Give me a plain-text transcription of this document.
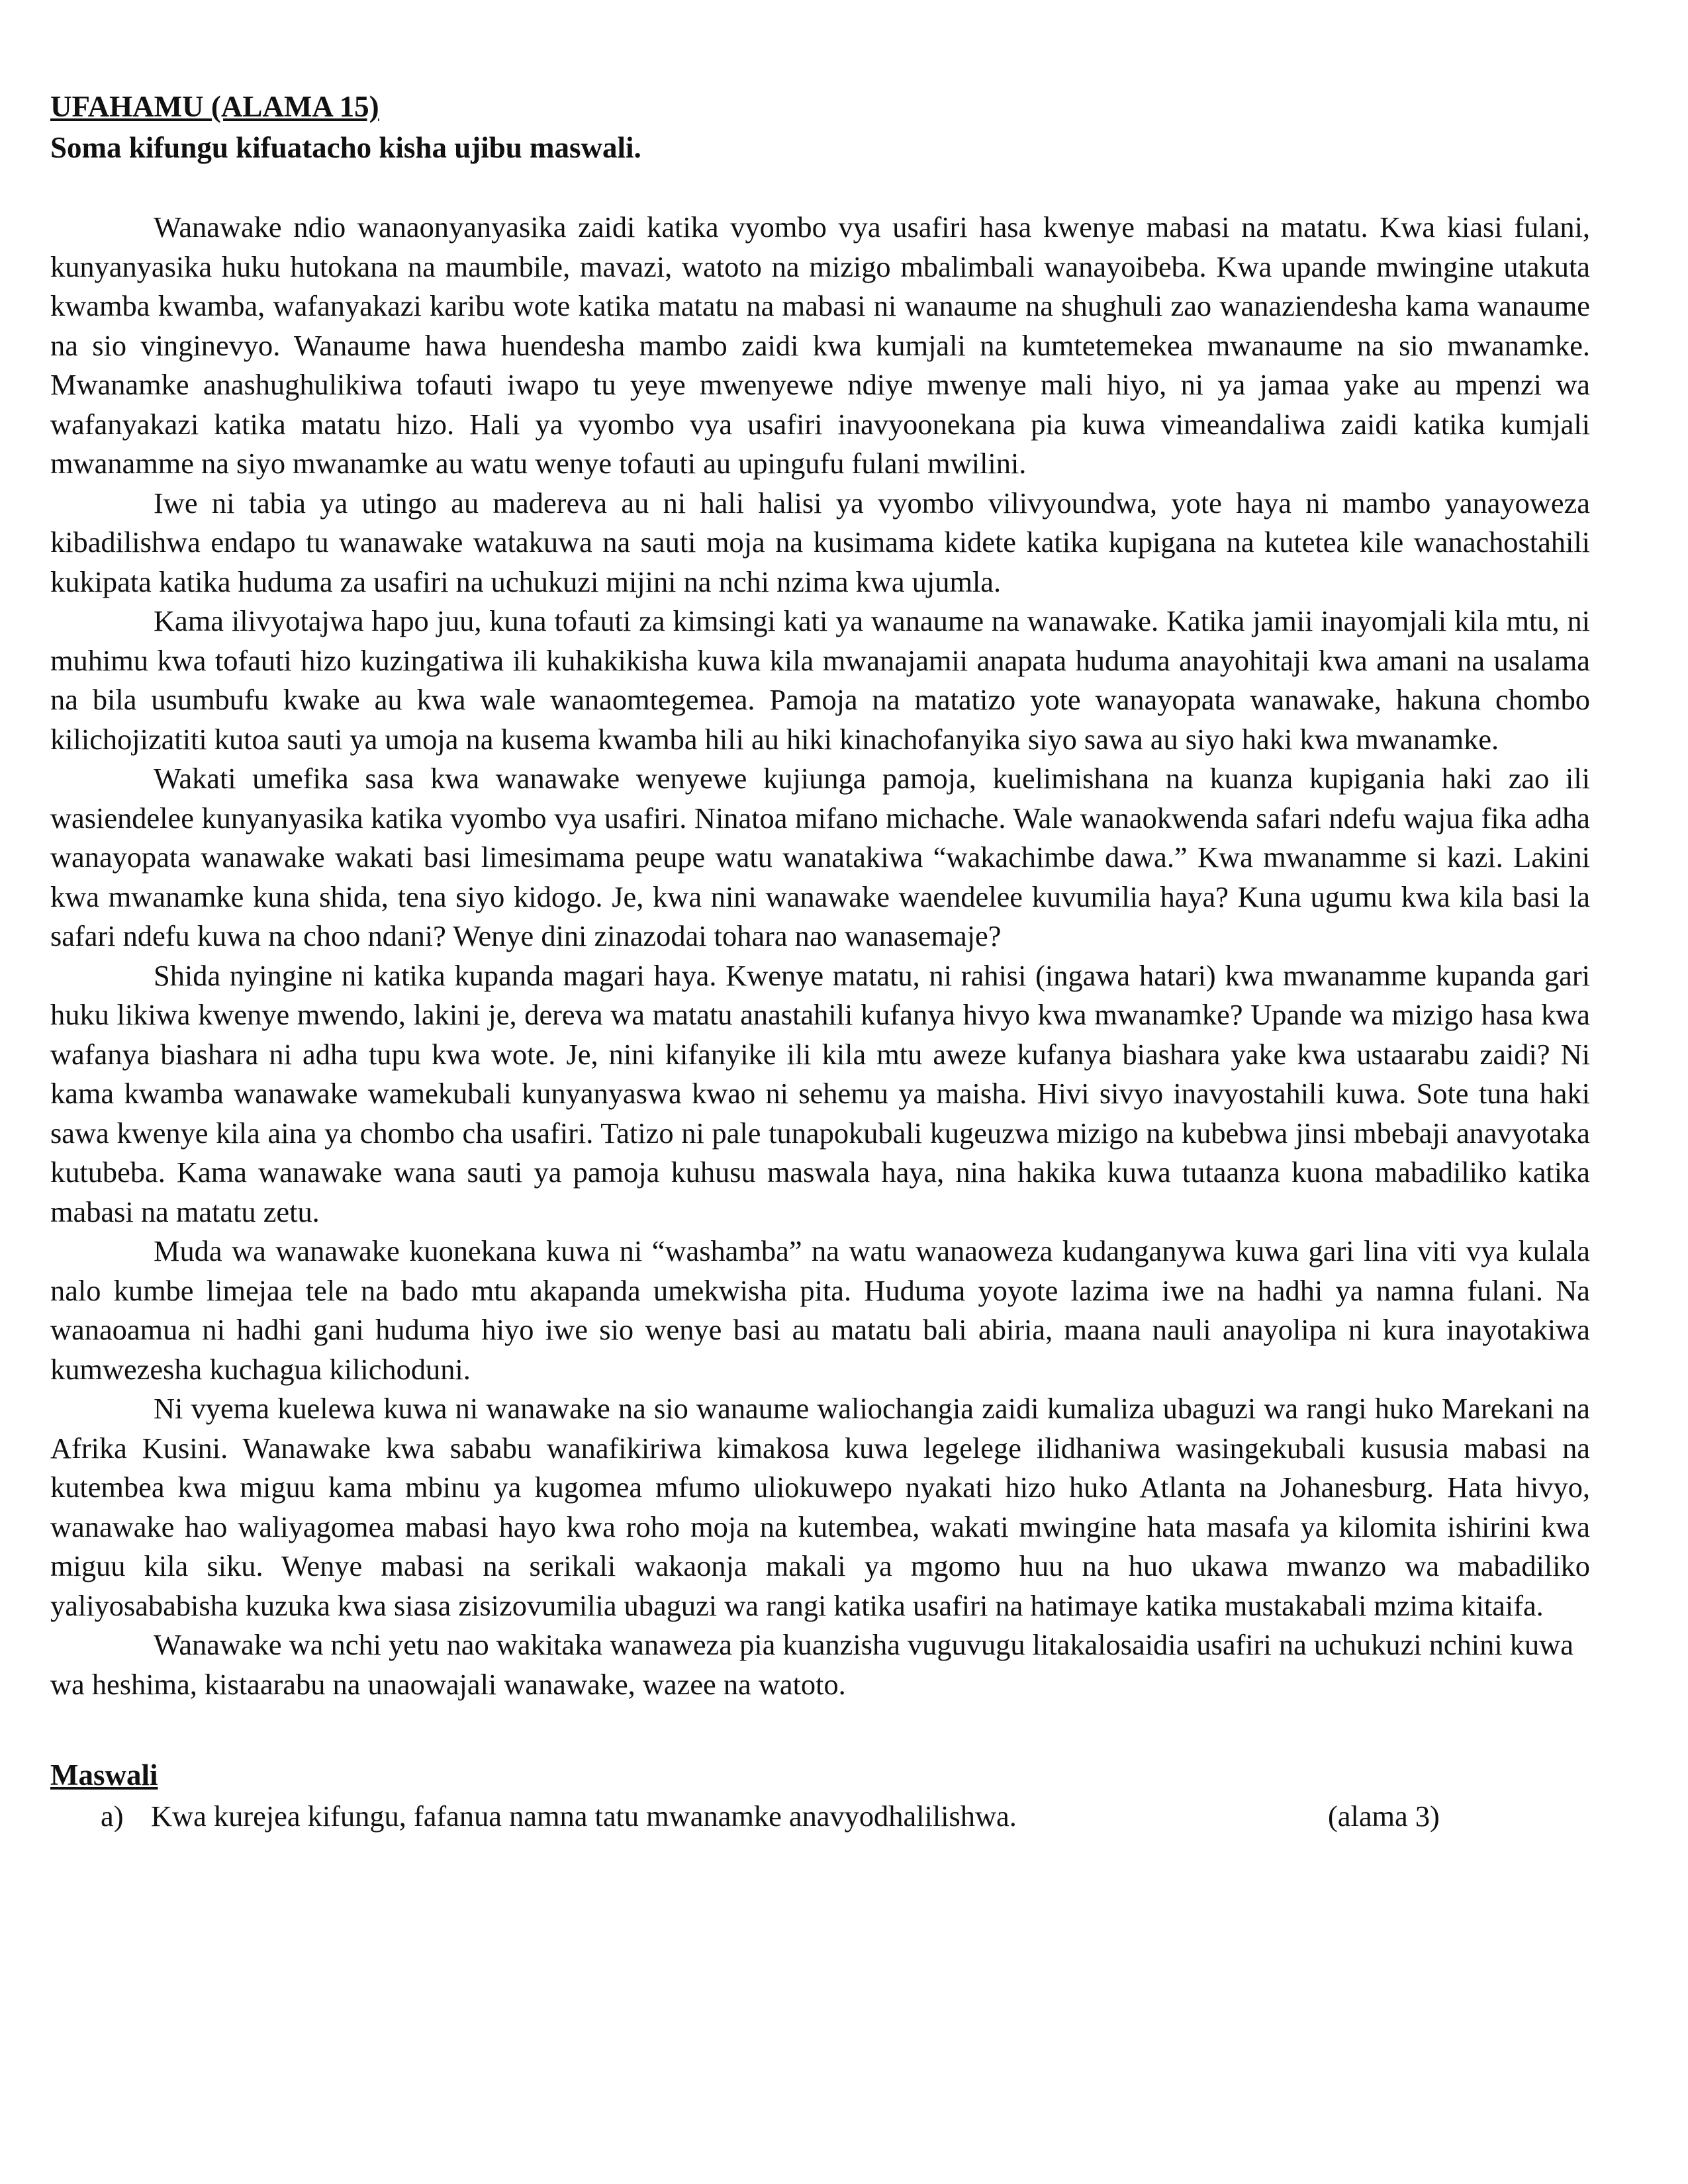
UFAHAMU (ALAMA 15)

Soma kifungu kifuatacho kisha ujibu maswali.

Wanawake ndio wanaonyanyasika zaidi katika vyombo vya usafiri hasa kwenye mabasi na matatu. Kwa kiasi fulani, kunyanyasika huku hutokana na maumbile, mavazi, watoto na mizigo mbalimbali wanayoibeba. Kwa upande mwingine utakuta kwamba kwamba, wafanyakazi karibu wote katika matatu na mabasi ni wanaume na shughuli zao wanaziendesha kama wanaume na sio vinginevyo. Wanaume hawa huendesha mambo zaidi kwa kumjali na kumtetemekea mwanaume na sio mwanamke. Mwanamke anashughulikiwa tofauti iwapo tu yeye mwenyewe ndiye mwenye mali hiyo, ni ya jamaa yake au mpenzi wa wafanyakazi katika matatu hizo. Hali ya vyombo vya usafiri inavyoonekana pia kuwa vimeandaliwa zaidi katika kumjali mwanamme na siyo mwanamke au watu wenye tofauti au upingufu fulani mwilini.

Iwe ni tabia ya utingo au madereva au ni hali halisi ya vyombo vilivyoundwa, yote haya ni mambo yanayoweza kibadilishwa endapo tu wanawake watakuwa na sauti moja na kusimama kidete katika kupigana na kutetea kile wanachostahili kukipata katika huduma za usafiri na uchukuzi mijini na nchi nzima kwa ujumla.

Kama ilivyotajwa hapo juu, kuna tofauti za kimsingi kati ya wanaume na wanawake. Katika jamii inayomjali kila mtu, ni muhimu kwa tofauti hizo kuzingatiwa ili kuhakikisha kuwa kila mwanajamii anapata huduma anayohitaji kwa amani na usalama na bila usumbufu kwake au kwa wale wanaomtegemea. Pamoja na matatizo yote wanayopata wanawake, hakuna chombo kilichojizatiti kutoa sauti ya umoja na kusema kwamba hili au hiki kinachofanyika siyo sawa au siyo haki kwa mwanamke.

Wakati umefika sasa kwa wanawake wenyewe kujiunga pamoja, kuelimishana na kuanza kupigania haki zao ili wasiendelee kunyanyasika katika vyombo vya usafiri. Ninatoa mifano michache. Wale wanaokwenda safari ndefu wajua fika adha wanayopata wanawake wakati basi limesimama peupe watu wanatakiwa “wakachimbe dawa.” Kwa mwanamme si kazi. Lakini kwa mwanamke kuna shida, tena siyo kidogo. Je, kwa nini wanawake waendelee kuvumilia haya? Kuna ugumu kwa kila basi la safari ndefu kuwa na choo ndani? Wenye dini zinazodai tohara nao wanasemaje?

Shida nyingine ni katika kupanda magari haya. Kwenye matatu, ni rahisi (ingawa hatari) kwa mwanamme kupanda gari huku likiwa kwenye mwendo, lakini je, dereva wa matatu anastahili kufanya hivyo kwa mwanamke? Upande wa mizigo hasa kwa wafanya biashara ni adha tupu kwa wote. Je, nini kifanyike ili kila mtu aweze kufanya biashara yake kwa ustaarabu zaidi? Ni kama kwamba wanawake wamekubali kunyanyaswa kwao ni sehemu ya maisha. Hivi sivyo inavyostahili kuwa. Sote tuna haki sawa kwenye kila aina ya chombo cha usafiri. Tatizo ni pale tunapokubali kugeuzwa mizigo na kubebwa jinsi mbebaji anavyotaka kutubeba. Kama wanawake wana sauti ya pamoja kuhusu maswala haya, nina hakika kuwa tutaanza kuona mabadiliko katika mabasi na matatu zetu.

Muda wa wanawake kuonekana kuwa ni “washamba” na watu wanaoweza kudanganywa kuwa gari lina viti vya kulala nalo kumbe limejaa tele na bado mtu akapanda umekwisha pita. Huduma yoyote lazima iwe na hadhi ya namna fulani. Na wanaoamua ni hadhi gani huduma hiyo iwe sio wenye basi au matatu bali abiria, maana nauli anayolipa ni kura inayotakiwa kumwezesha kuchagua kilichoduni.

Ni vyema kuelewa kuwa ni wanawake na sio wanaume waliochangia zaidi kumaliza ubaguzi wa rangi huko Marekani na Afrika Kusini. Wanawake kwa sababu wanafikiriwa kimakosa kuwa legelege ilidhaniwa wasingekubali kususia mabasi na kutembea kwa miguu kama mbinu ya kugomea mfumo uliokuwepo nyakati hizo huko Atlanta na Johanesburg. Hata hivyo, wanawake hao waliyagomea mabasi hayo kwa roho moja na kutembea, wakati mwingine hata masafa ya kilomita ishirini kwa miguu kila siku. Wenye mabasi na serikali wakaonja makali ya mgomo huu na huo ukawa mwanzo wa mabadiliko yaliyosababisha kuzuka kwa siasa zisizovumilia ubaguzi wa rangi katika usafiri na hatimaye katika mustakabali mzima kitaifa.

Wanawake wa nchi yetu nao wakitaka wanaweza pia kuanzisha vuguvugu litakalosaidia usafiri na uchukuzi nchini kuwa wa heshima, kistaarabu na unaowajali wanawake, wazee na watoto.

Maswali

a) Kwa kurejea kifungu, fafanua namna tatu mwanamke anavyodhalilishwa.	(alama 3)
